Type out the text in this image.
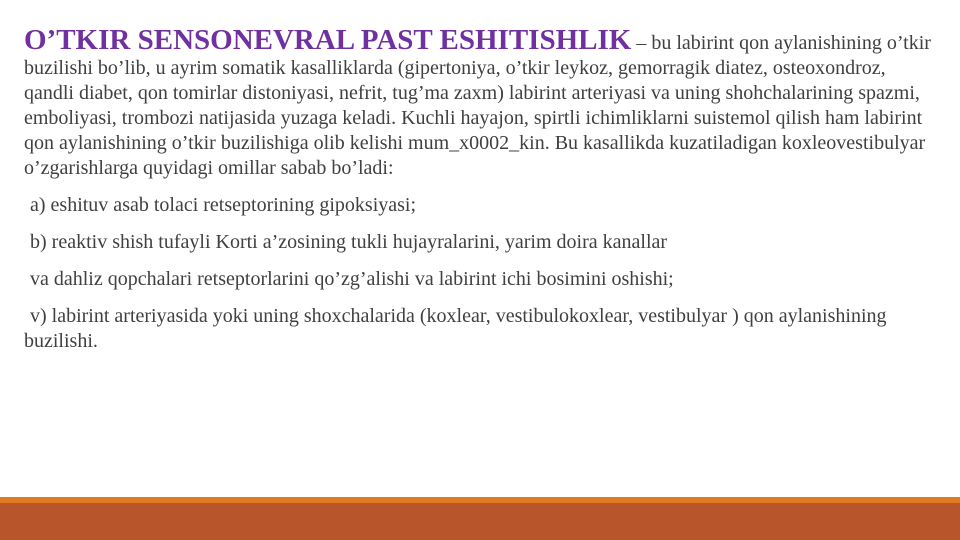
O’TKIR SENSONEVRAL PAST ESHITISHLIK – bu labirint qon aylanishining o’tkir buzilishi bo’lib, u ayrim somatik kasalliklarda (gipertoniya, o’tkir leykoz, gemorragik diatez, osteoxondroz, qandli diabet, qon tomirlar distoniyasi, nefrit, tug’ma zaxm) labirint arteriyasi va uning shohchalarining spazmi, emboliyasi, trombozi natijasida yuzaga keladi. Kuchli hayajon, spirtli ichimliklarni suistemol qilish ham labirint qon aylanishining o’tkir buzilishiga olib kelishi mum_x0002_kin. Bu kasallikda kuzatiladigan koxleovestibulyar o’zgarishlarga quyidagi omillar sabab bo’ladi:

a) eshituv asab tolaci retseptorining gipoksiyasi;

b) reaktiv shish tufayli Korti a’zosining tukli hujayralarini, yarim doira kanallar

va dahliz qopchalari retseptorlarini qo’zg’alishi va labirint ichi bosimini oshishi;

v) labirint arteriyasida yoki uning shoxchalarida (koxlear, vestibulokoxlear, vestibulyar ) qon aylanishining buzilishi.
